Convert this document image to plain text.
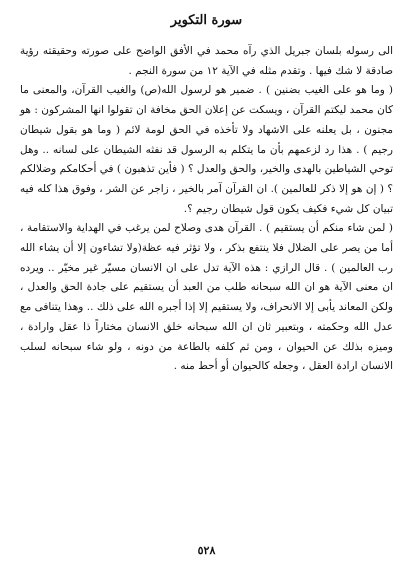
سورة التكوير

الى رسوله بلسان جبريل الذي رآه محمد في الأفق الواضح على صورته وحقيقته رؤية صادقة لا شك فيها . وتقدم مثله في الآية ١٢ من سورة النجم .

( وما هو على الغيب بضنين ) . ضمير هو لرسول الله(ص) والغيب القرآن، والمعنى ما كان محمد ليكتم القرآن ، ويسكت عن إعلان الحق مخافة ان تقولوا انها المشركون : هو مجنون ، بل يعلنه على الاشهاد ولا تأخذه في الحق لومة لائم ( وما هو بقول شيطان رجيم ) . هذا رد لزعمهم بأن ما يتكلم به الرسول قد نفثه الشيطان على لسانه .. وهل توحي الشياطين بالهدى والخير، والحق والعدل ؟ ( فأين تذهبون ) في أحكامكم وضلالكم ؟ ( إن هو إلا ذكر للعالمين ). ان القرآن آمر بالخير ، زاجر عن الشر ، وفوق هذا كله فيه تبيان كل شيء فكيف يكون قول شيطان رجيم ؟.

( لمن شاء منكم أن يستقيم ) . القرآن هدى وصلاح لمن يرغب في الهداية والاستقامة ، أما من يصر على الضلال فلا ينتفع بذكر ، ولا تؤثر فيه عظة(ولا تشاءون إلا أن يشاء الله رب العالمين ) . قال الرازي : هذه الآية تدل على ان الانسان مسيّر غير مخيّر .. ويرده ان معنى الآية هو ان الله سبحانه طلب من العبد أن يستقيم على جادة الحق والعدل ، ولكن المعاند يأبى إلا الانحراف، ولا يستقيم إلا إذا أجبره الله على ذلك .. وهذا يتنافى مع عدل الله وحكمته ، وبتعبير ثان ان الله سبحانه خلق الانسان مختاراً ذا عقل وارادة ، وميزه بذلك عن الحيوان ، ومن ثم كلفه بالطاعة من دونه ، ولو شاء سبحانه لسلب الانسان ارادة العقل ، وجعله كالحيوان أو أحط منه .

٥٢٨
